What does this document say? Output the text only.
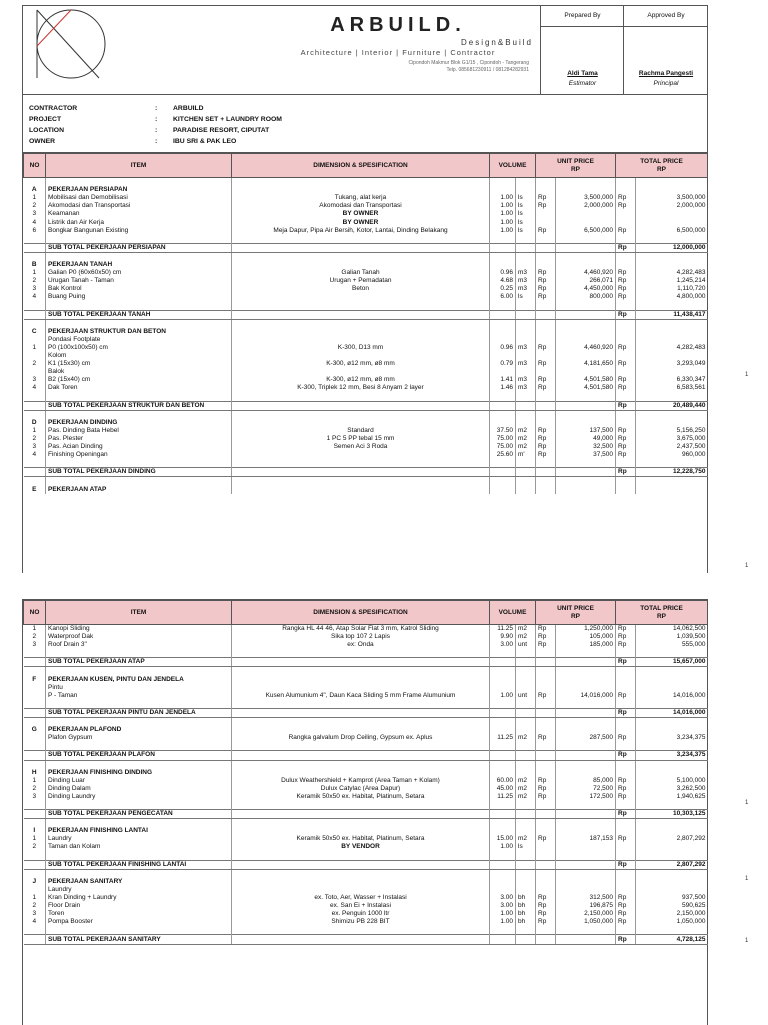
ARBUILD.
Design&Build
Architecture | Interior | Furniture | Contractor
Cipondoh Makmur Blok G1/15 , Cipondoh - Tangerang
Telp. 085681230911 / 081284282931
Prepared By
Aldi Tama
Estimator
Approved By
Rachma Pangesti
Principal
CONTRACTOR	: ARBUILD
PROJECT	: KITCHEN SET + LAUNDRY ROOM
LOCATION	: PARADISE RESORT, CIPUTAT
OWNER	: IBU SRI & PAK LEO
NO	ITEM	DIMENSION & SPESIFICATION	VOLUME		UNIT PRICE
RP		TOTAL PRICE
RP	

A	PEKERJAAN PERSIAPAN							
1	Mobilisasi dan Demobilisasi	Tukang, alat kerja	1.00	ls	Rp	3,500,000	Rp	3,500,000
2	Akomodasi dan Transportasi	Akomodasi dan Transportasi	1.00	ls	Rp	2,000,000	Rp	2,000,000
3	Keamanan	BY OWNER	1.00	ls				
4	Listrik dan Air Kerja	BY OWNER	1.00	ls				
6	Bongkar Bangunan Existing	Meja Dapur, Pipa Air Bersih, Kotor, Lantai, Dinding Belakang	1.00	ls	Rp	6,500,000	Rp	6,500,000

	SUB TOTAL PEKERJAAN PERSIAPAN						Rp	12,000,000

B	PEKERJAAN TANAH							
1	Galian P0 (60x60x50) cm	Galian Tanah	0.96	m3	Rp	4,460,920	Rp	4,282,483
2	Urugan Tanah - Taman	Urugan + Pemadatan	4.68	m3	Rp	266,071	Rp	1,245,214
3	Bak Kontrol	Beton	0.25	m3	Rp	4,450,000	Rp	1,110,720
4	Buang Puing		6.00	ls	Rp	800,000	Rp	4,800,000

	SUB TOTAL PEKERJAAN TANAH						Rp	11,438,417

C	PEKERJAAN STRUKTUR DAN BETON							
	Pondasi Footplate							
1	P0 (100x100x50) cm	K-300, D13 mm	0.96	m3	Rp	4,460,920	Rp	4,282,483
	Kolom							
2	K1 (15x30) cm	K-300, ø12 mm, ø8 mm	0.79	m3	Rp	4,181,650	Rp	3,293,049
	Balok							
3	B2 (15x40) cm	K-300, ø12 mm, ø8 mm	1.41	m3	Rp	4,501,580	Rp	6,330,347
4	Dak Toren	K-300, Triplek 12 mm, Besi 8 Anyam 2 layer	1.46	m3	Rp	4,501,580	Rp	6,583,561

	SUB TOTAL PEKERJAAN STRUKTUR DAN BETON						Rp	20,489,440

D	PEKERJAAN DINDING							
1	Pas. Dinding Bata Hebel	Standard	37.50	m2	Rp	137,500	Rp	5,156,250
2	Pas. Plester	1 PC 5 PP tebal 15 mm	75.00	m2	Rp	49,000	Rp	3,675,000
3	Pas. Acian Dinding	Semen Aci 3 Roda	75.00	m2	Rp	32,500	Rp	2,437,500
4	Finishing Openingan		25.60	m'	Rp	37,500	Rp	960,000

	SUB TOTAL PEKERJAAN DINDING						Rp	12,228,750

E	PEKERJAAN ATAP							
1
1
NO	ITEM	DIMENSION & SPESIFICATION	VOLUME		UNIT PRICE
RP		TOTAL PRICE
RP	
1	Kanopi Sliding	Rangka HL 44 46, Atap Solar Flat 3 mm, Katrol Sliding	11.25	m2	Rp	1,250,000	Rp	14,062,500
2	Waterproof Dak	Sika top 107 2 Lapis	9.90	m2	Rp	105,000	Rp	1,039,500
3	Roof Drain 3"	ex: Onda	3.00	unt	Rp	185,000	Rp	555,000

	SUB TOTAL PEKERJAAN ATAP						Rp	15,657,000

F	PEKERJAAN KUSEN, PINTU DAN JENDELA							
	Pintu							
	P - Taman	Kusen Alumunium 4", Daun Kaca Sliding 5 mm Frame Alumunium	1.00	unt	Rp	14,016,000	Rp	14,016,000

	SUB TOTAL PEKERJAAN PINTU DAN JENDELA						Rp	14,016,000

G	PEKERJAAN PLAFOND							
	Plafon Gypsum	Rangka galvalum Drop Ceiling, Gypsum ex. Aplus	11.25	m2	Rp	287,500	Rp	3,234,375

	SUB TOTAL PEKERJAAN PLAFON						Rp	3,234,375

H	PEKERJAAN FINISHING DINDING							
1	Dinding Luar	Dulux Weathershield + Kamprot (Area Taman + Kolam)	60.00	m2	Rp	85,000	Rp	5,100,000
2	Dinding Dalam	Dulux Catylac (Area Dapur)	45.00	m2	Rp	72,500	Rp	3,262,500
3	Dinding Laundry	Keramik 50x50 ex. Habitat, Platinum, Setara	11.25	m2	Rp	172,500	Rp	1,940,625

	SUB TOTAL PEKERJAAN PENGECATAN						Rp	10,303,125

I	PEKERJAAN FINISHING LANTAI							
1	Laundry	Keramik 50x50 ex. Habitat, Platinum, Setara	15.00	m2	Rp	187,153	Rp	2,807,292
2	Taman dan Kolam	BY VENDOR	1.00	ls				

	SUB TOTAL PEKERJAAN FINISHING LANTAI						Rp	2,807,292

J	PEKERJAAN SANITARY							
	Laundry							
1	Kran Dinding + Laundry	ex. Toto, Aer, Wasser + Instalasi	3.00	bh	Rp	312,500	Rp	937,500
2	Floor Drain	ex. San Ei + Instalasi	3.00	bh	Rp	196,875	Rp	590,625
3	Toren	ex. Penguin 1000 ltr	1.00	bh	Rp	2,150,000	Rp	2,150,000
4	Pompa Booster	Shimizu PB 228 BIT	1.00	bh	Rp	1,050,000	Rp	1,050,000

	SUB TOTAL PEKERJAAN SANITARY						Rp	4,728,125
1
1
1
